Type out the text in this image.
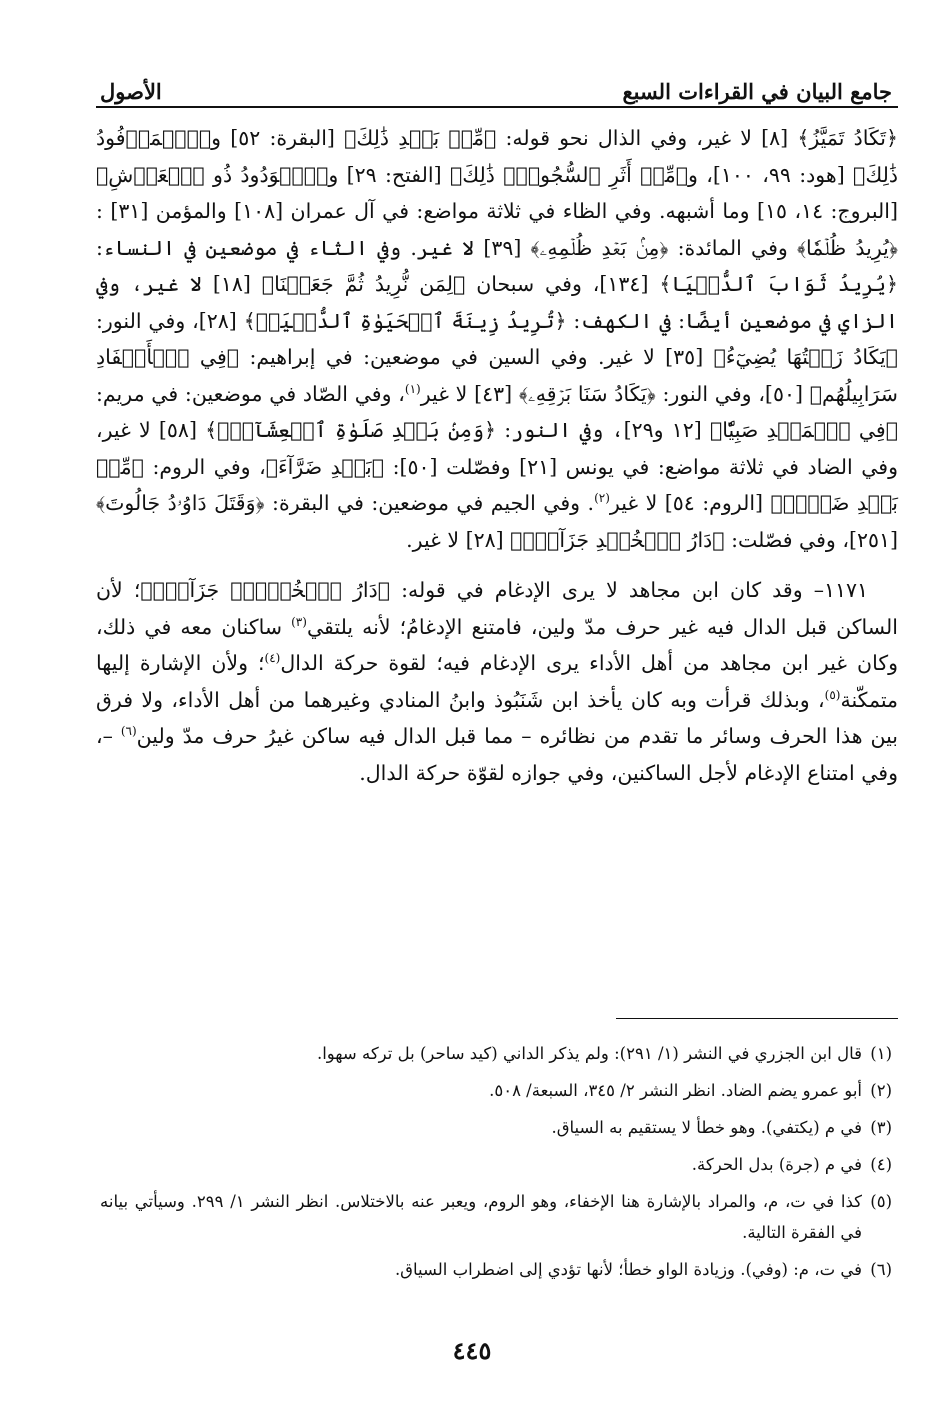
جامع البيان في القراءات السبع
الأصول

﴿تَكَادُ تَمَيَّزُ﴾ [٨] لا غير، وفي الذال نحو قوله: ﴿مِّنۢ بَعۡدِ ذَٰلِكَ﴾ [البقرة: ٥٢] و﴿ٱلۡمَرۡفُودُ ذَٰلِكَ﴾ [هود: ٩٩، ١٠٠]، و﴿مِّنۡ أَثَرِ ٱلسُّجُودِۚ ذَٰلِكَ﴾ [الفتح: ٢٩] و﴿ٱلۡوَدُودُ ذُو ٱلۡعَرۡشِ﴾ [البروج: ١٤، ١٥] وما أشبهه. وفي الظاء في ثلاثة مواضع: في آل عمران [١٠٨] والمؤمن [٣١] : ﴿يُرِيدُ ظُلۡمٗا﴾ وفي المائدة: ﴿مِنۢ بَعۡدِ ظُلۡمِهِۦ﴾ [٣٩] لا غير. وفي الثاء في موضعين في النساء: ﴿يُرِيدُ ثَوَابَ ٱلدُّنۡيَا﴾ [١٣٤]، وفي سبحان ﴿لِمَن نُّرِيدُ ثُمَّ جَعَلۡنَا﴾ [١٨] لا غير، وفي الزاي في موضعين أيضًا: في الكهف: ﴿تُرِيدُ زِينَةَ ٱلۡحَيَوٰةِ ٱلدُّنۡيَاۖ﴾ [٢٨]، وفي النور: ﴿يَكَادُ زَيۡتُهَا يُضِيٓءُ﴾ [٣٥] لا غير. وفي السين في موضعين: في إبراهيم: ﴿فِي ٱلۡأَصۡفَادِ سَرَابِيلُهُم﴾ [٥٠]، وفي النور: ﴿يَكَادُ سَنَا بَرۡقِهِۦ﴾ [٤٣] لا غير$^{(١)}$، وفي الصّاد في موضعين: في مريم: ﴿فِي ٱلۡمَهۡدِ صَبِيّٗا﴾ [١٢ و٢٩]، وفي النور: ﴿وَمِنۢ بَعۡدِ صَلَوٰةِ ٱلۡعِشَآءِۚ﴾ [٥٨] لا غير، وفي الضاد في ثلاثة مواضع: في يونس [٢١] وفصّلت [٥٠]: ﴿بَعۡدِ ضَرَّآءَ﴾، وفي الروم: ﴿مِّنۢ بَعۡدِ ضَعۡفٖ﴾ [الروم: ٥٤] لا غير$^{(٢)}$. وفي الجيم في موضعين: في البقرة: ﴿وَقَتَلَ دَاوُۥدُ جَالُوتَ﴾ [٢٥١]، وفي فصّلت: ﴿دَارُ ٱلۡخُلۡدِ جَزَآءَۢ﴾ [٢٨] لا غير.

١١٧١– وقد كان ابن مجاهد لا يرى الإدغام في قوله: ﴿دَارُ ٱلۡخُلۡدِۖ جَزَآءَۢ﴾؛ لأن الساكن قبل الدال فيه غير حرف مدّ ولين، فامتنع الإدغامُ؛ لأنه يلتقي$^{(٣)}$ ساكنان معه في ذلك، وكان غير ابن مجاهد من أهل الأداء يرى الإدغام فيه؛ لقوة حركة الدال$^{(٤)}$؛ ولأن الإشارة إليها متمكّنة$^{(٥)}$، وبذلك قرأت وبه كان يأخذ ابن شَنَبُوذ وابنُ المنادي وغيرهما من أهل الأداء، ولا فرق بين هذا الحرف وسائر ما تقدم من نظائره – مما قبل الدال فيه ساكن غيرُ حرف مدّ ولين$^{(٦)}$ –، وفي امتناع الإدغام لأجل الساكنين، وفي جوازه لقوّة حركة الدال.

(١)
قال ابن الجزري في النشر (١/ ٢٩١): ولم يذكر الداني (كيد ساحر) بل تركه سهوا.

(٢)
أبو عمرو يضم الضاد. انظر النشر ٢/ ٣٤٥، السبعة/ ٥٠٨.

(٣)
في م (يكتفي). وهو خطأ لا يستقيم به السياق.

(٤)
في م (جرة) بدل الحركة.

(٥)
كذا في ت، م، والمراد بالإشارة هنا الإخفاء، وهو الروم، ويعبر عنه بالاختلاس. انظر النشر ١/ ٢٩٩. وسيأتي بيانه في الفقرة التالية.

(٦)
في ت، م: (وفي). وزيادة الواو خطأ؛ لأنها تؤدي إلى اضطراب السياق.

٤٤٥
